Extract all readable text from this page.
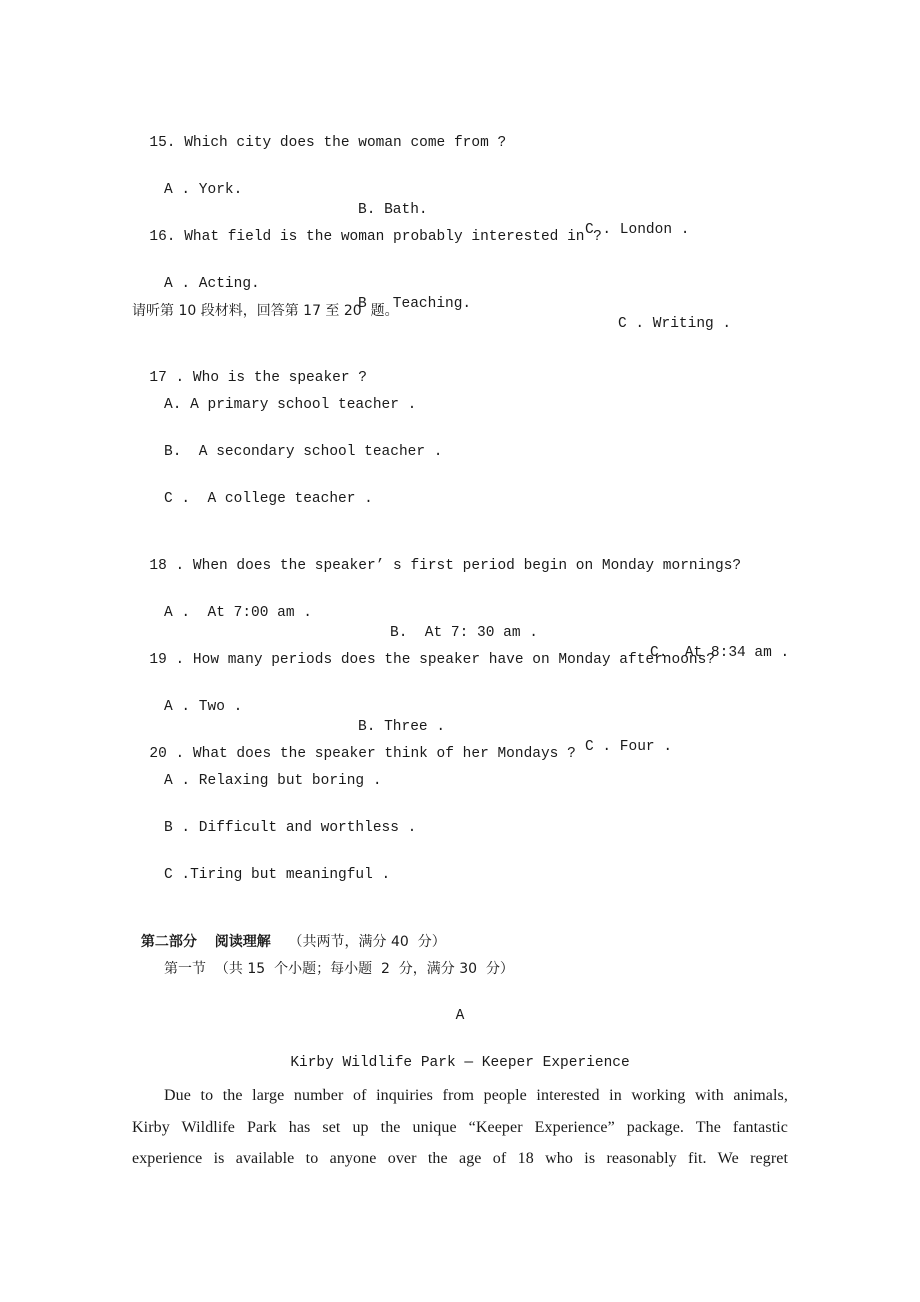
15. Which city does the woman come from ?

A . York.

B. Bath.

C . London .

16. What field is the woman probably interested in ?

A . Acting.

B . Teaching.

C . Writing .

请听第 10 段材料，回答第 17 至 20  题。

17 . Who is the speaker ?

A. A primary school teacher .
B.  A secondary school teacher .
C .  A college teacher .

18 . When does the speaker’ s first period begin on Monday mornings?

A .  At 7:00 am .

B.  At 7: 30 am .

C.  At 8:34 am .

19 . How many periods does the speaker have on Monday afternoons?

A . Two .

B. Three .

C . Four .

20 . What does the speaker think of her Mondays ?

A . Relaxing but boring .
B . Difficult and worthless .
C .Tiring but meaningful .

第二部分 阅读理解 （共两节，满分 40  分）

第一节  （共 15  个小题；每小题  2  分，满分 30  分）
A
Kirby Wildlife Park — Keeper Experience
Due to the large number of inquiries from people interested in working with animals,
Kirby Wildlife Park has set up the unique “Keeper Experience” package. The fantastic
experience is available to anyone over the age of 18 who is reasonably fit. We regret
